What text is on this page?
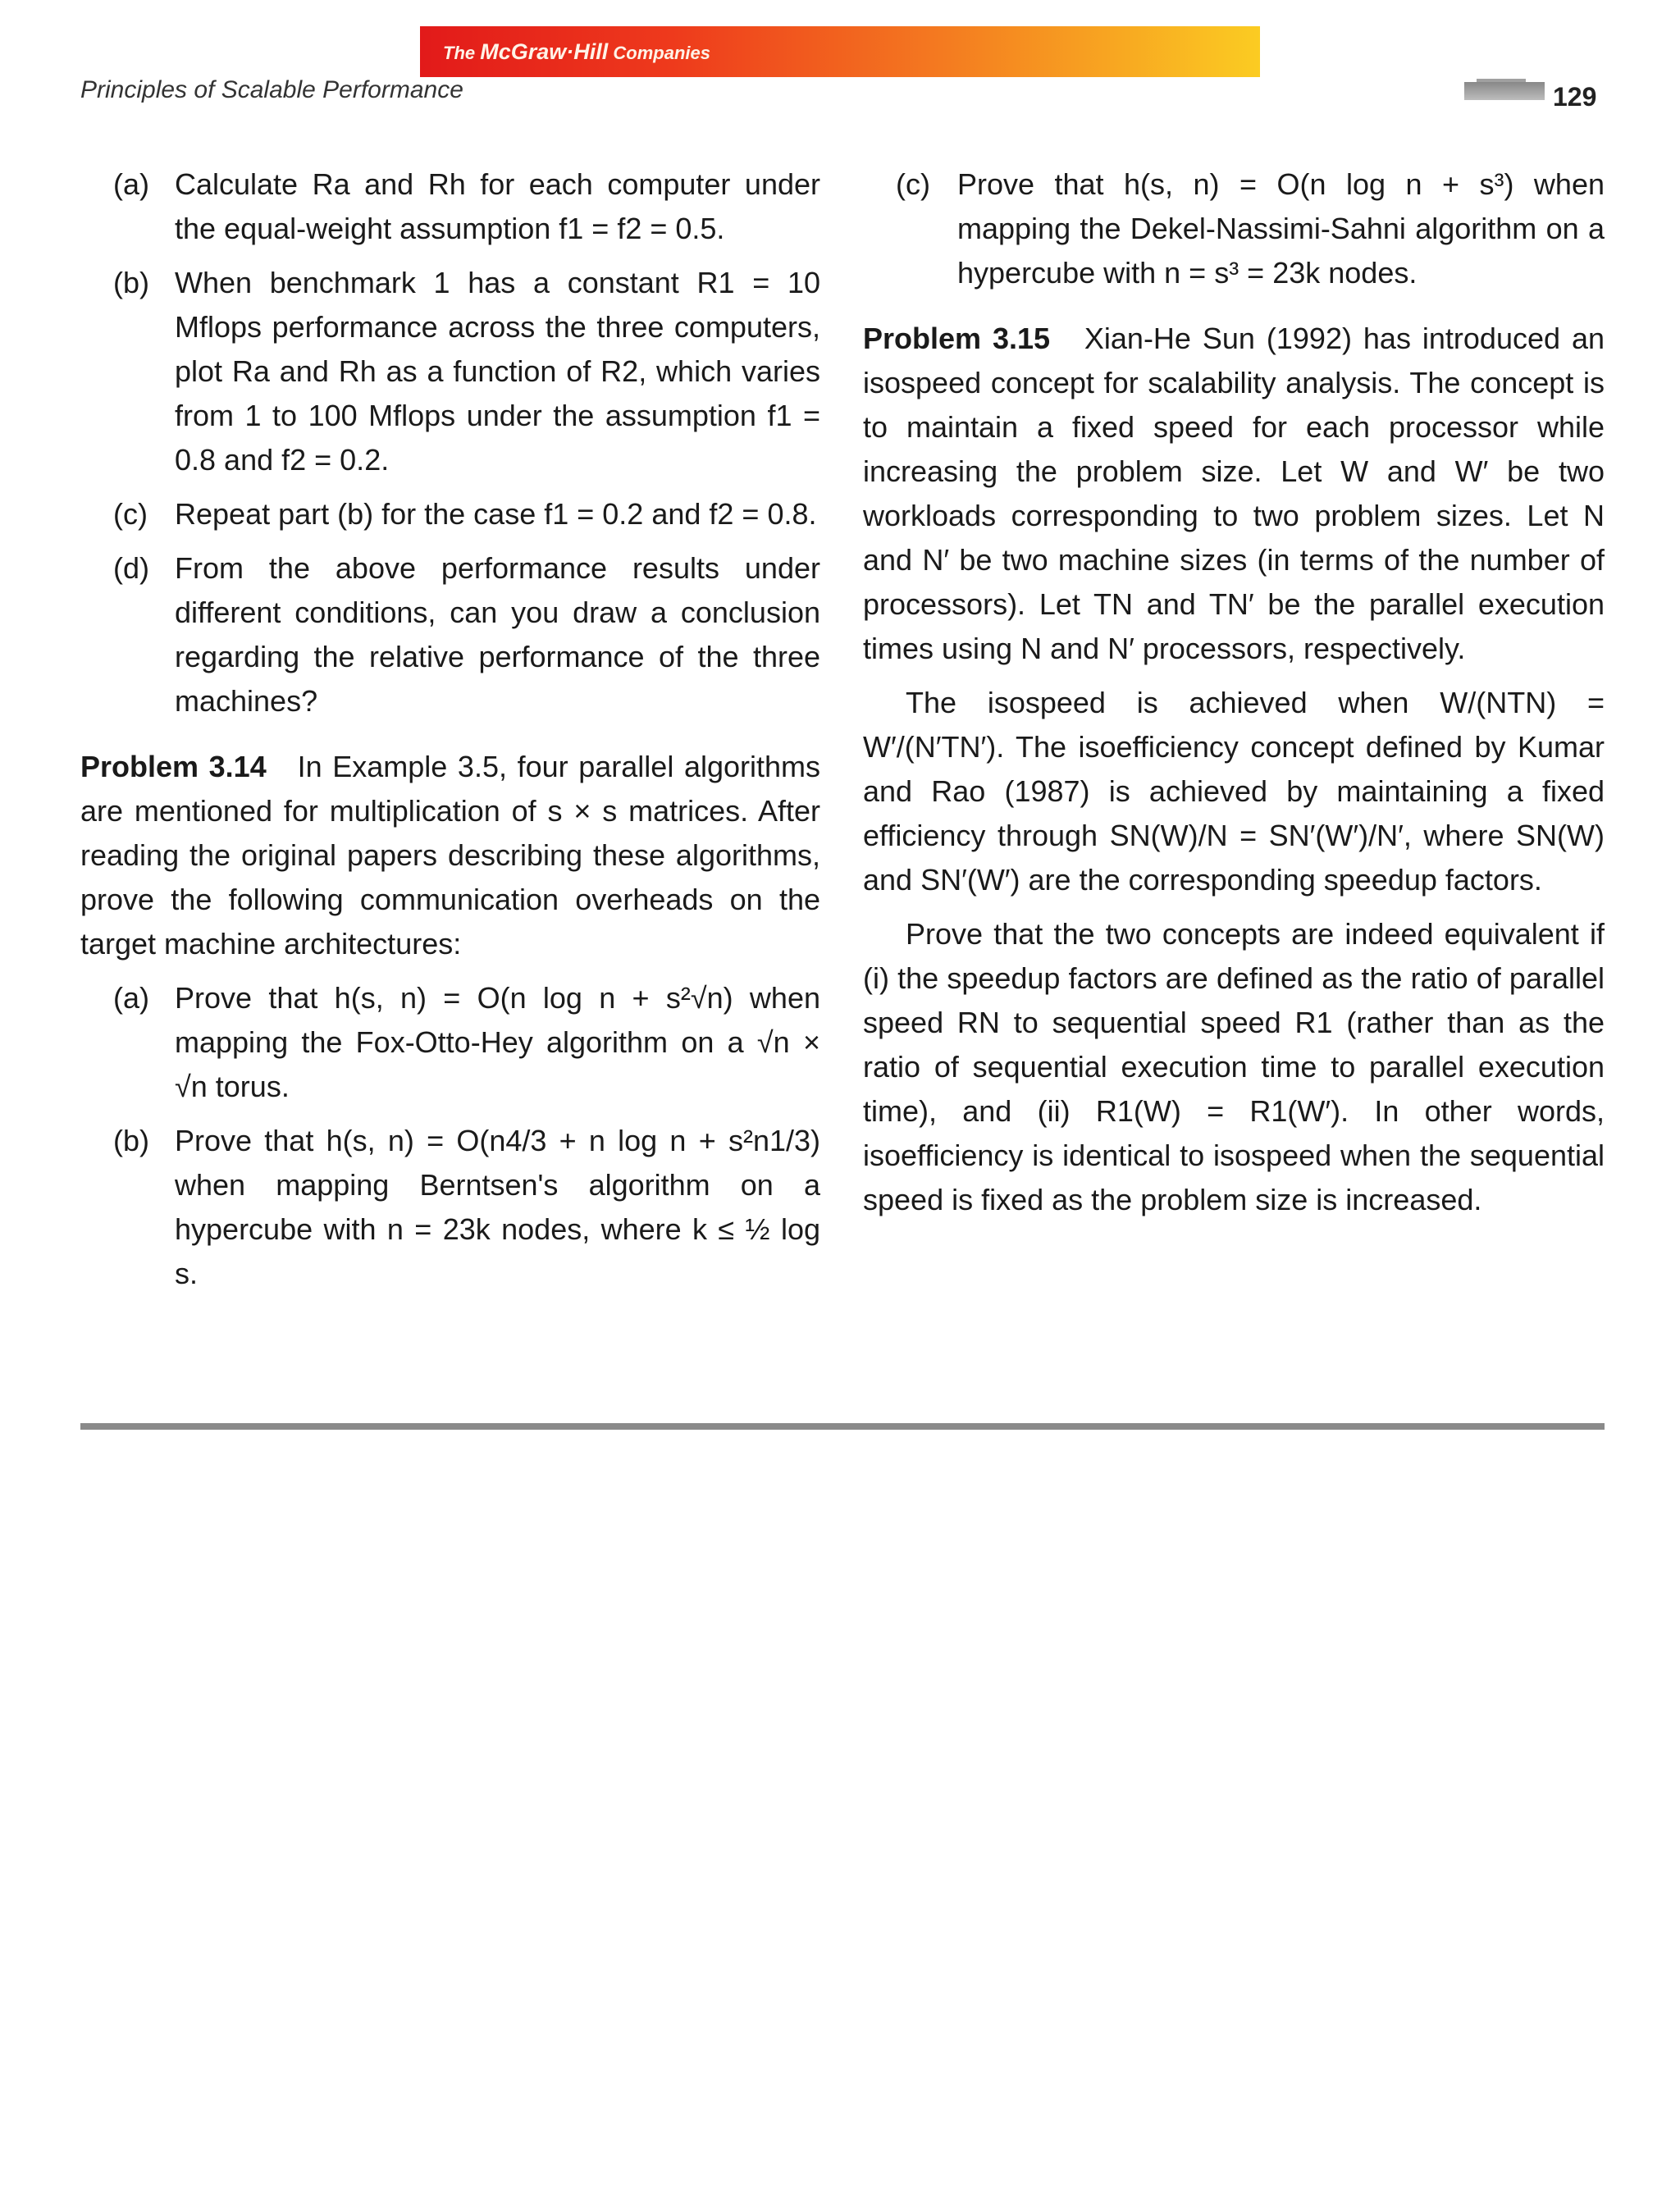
The McGraw·Hill Companies
Principles of Scalable Performance	129
(a) Calculate Ra and Rh for each computer under the equal-weight assumption f1 = f2 = 0.5.
(b) When benchmark 1 has a constant R1 = 10 Mflops performance across the three computers, plot Ra and Rh as a function of R2, which varies from 1 to 100 Mflops under the assumption f1 = 0.8 and f2 = 0.2.
(c) Repeat part (b) for the case f1 = 0.2 and f2 = 0.8.
(d) From the above performance results under different conditions, can you draw a conclusion regarding the relative performance of the three machines?

Problem 3.14 In Example 3.5, four parallel algorithms are mentioned for multiplication of s × s matrices. After reading the original papers describing these algorithms, prove the following communication overheads on the target machine architectures:

(a) Prove that h(s, n) = O(n log n + s²√n) when mapping the Fox-Otto-Hey algorithm on a √n × √n torus.
(b) Prove that h(s, n) = O(n4/3 + n log n + s²n1/3) when mapping Berntsen's algorithm on a hypercube with n = 23k nodes, where k ≤ ½ log s.
(c) Prove that h(s, n) = O(n log n + s³) when mapping the Dekel-Nassimi-Sahni algorithm on a hypercube with n = s³ = 23k nodes.

Problem 3.15 Xian-He Sun (1992) has introduced an isospeed concept for scalability analysis. The concept is to maintain a fixed speed for each processor while increasing the problem size. Let W and W′ be two workloads corresponding to two problem sizes. Let N and N′ be two machine sizes (in terms of the number of processors). Let TN and TN′ be the parallel execution times using N and N′ processors, respectively.

The isospeed is achieved when W/(NTN) = W′/(N′TN′). The isoefficiency concept defined by Kumar and Rao (1987) is achieved by maintaining a fixed efficiency through SN(W)/N = SN′(W′)/N′, where SN(W) and SN′(W′) are the corresponding speedup factors.

Prove that the two concepts are indeed equivalent if (i) the speedup factors are defined as the ratio of parallel speed RN to sequential speed R1 (rather than as the ratio of sequential execution time to parallel execution time), and (ii) R1(W) = R1(W′). In other words, isoefficiency is identical to isospeed when the sequential speed is fixed as the problem size is increased.
